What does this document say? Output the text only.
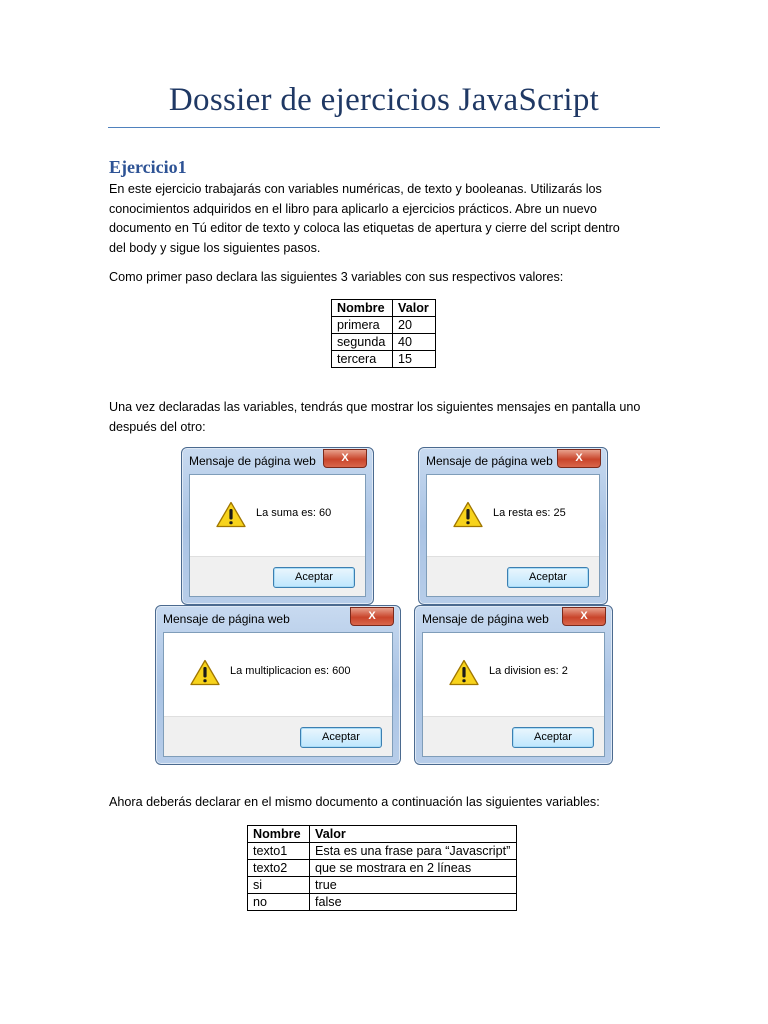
Dossier de ejercicios JavaScript
Ejercicio1
En este ejercicio trabajarás con variables numéricas, de texto y booleanas. Utilizarás los
conocimientos adquiridos en el libro para aplicarlo a ejercicios prácticos. Abre un nuevo
documento en Tú editor de texto y coloca las etiquetas de apertura y cierre del script dentro
del body y sigue los siguientes pasos.
Como primer paso declara las siguientes 3 variables con sus respectivos valores:
Nombre	Valor
primera	20
segunda	40
tercera	15
Una vez declaradas las variables, tendrás que mostrar los siguientes mensajes en pantalla uno
después del otro:
Mensaje de página web	X
La suma es: 60
Aceptar
Mensaje de página web	X
La resta es: 25
Aceptar
Mensaje de página web	X
La multiplicacion es: 600
Aceptar
Mensaje de página web	X
La division es: 2
Aceptar
Ahora deberás declarar en el mismo documento a continuación las siguientes variables:
Nombre	Valor
texto1	Esta es una frase para “Javascript”
texto2	que se mostrara en 2 líneas
si	true
no	false
